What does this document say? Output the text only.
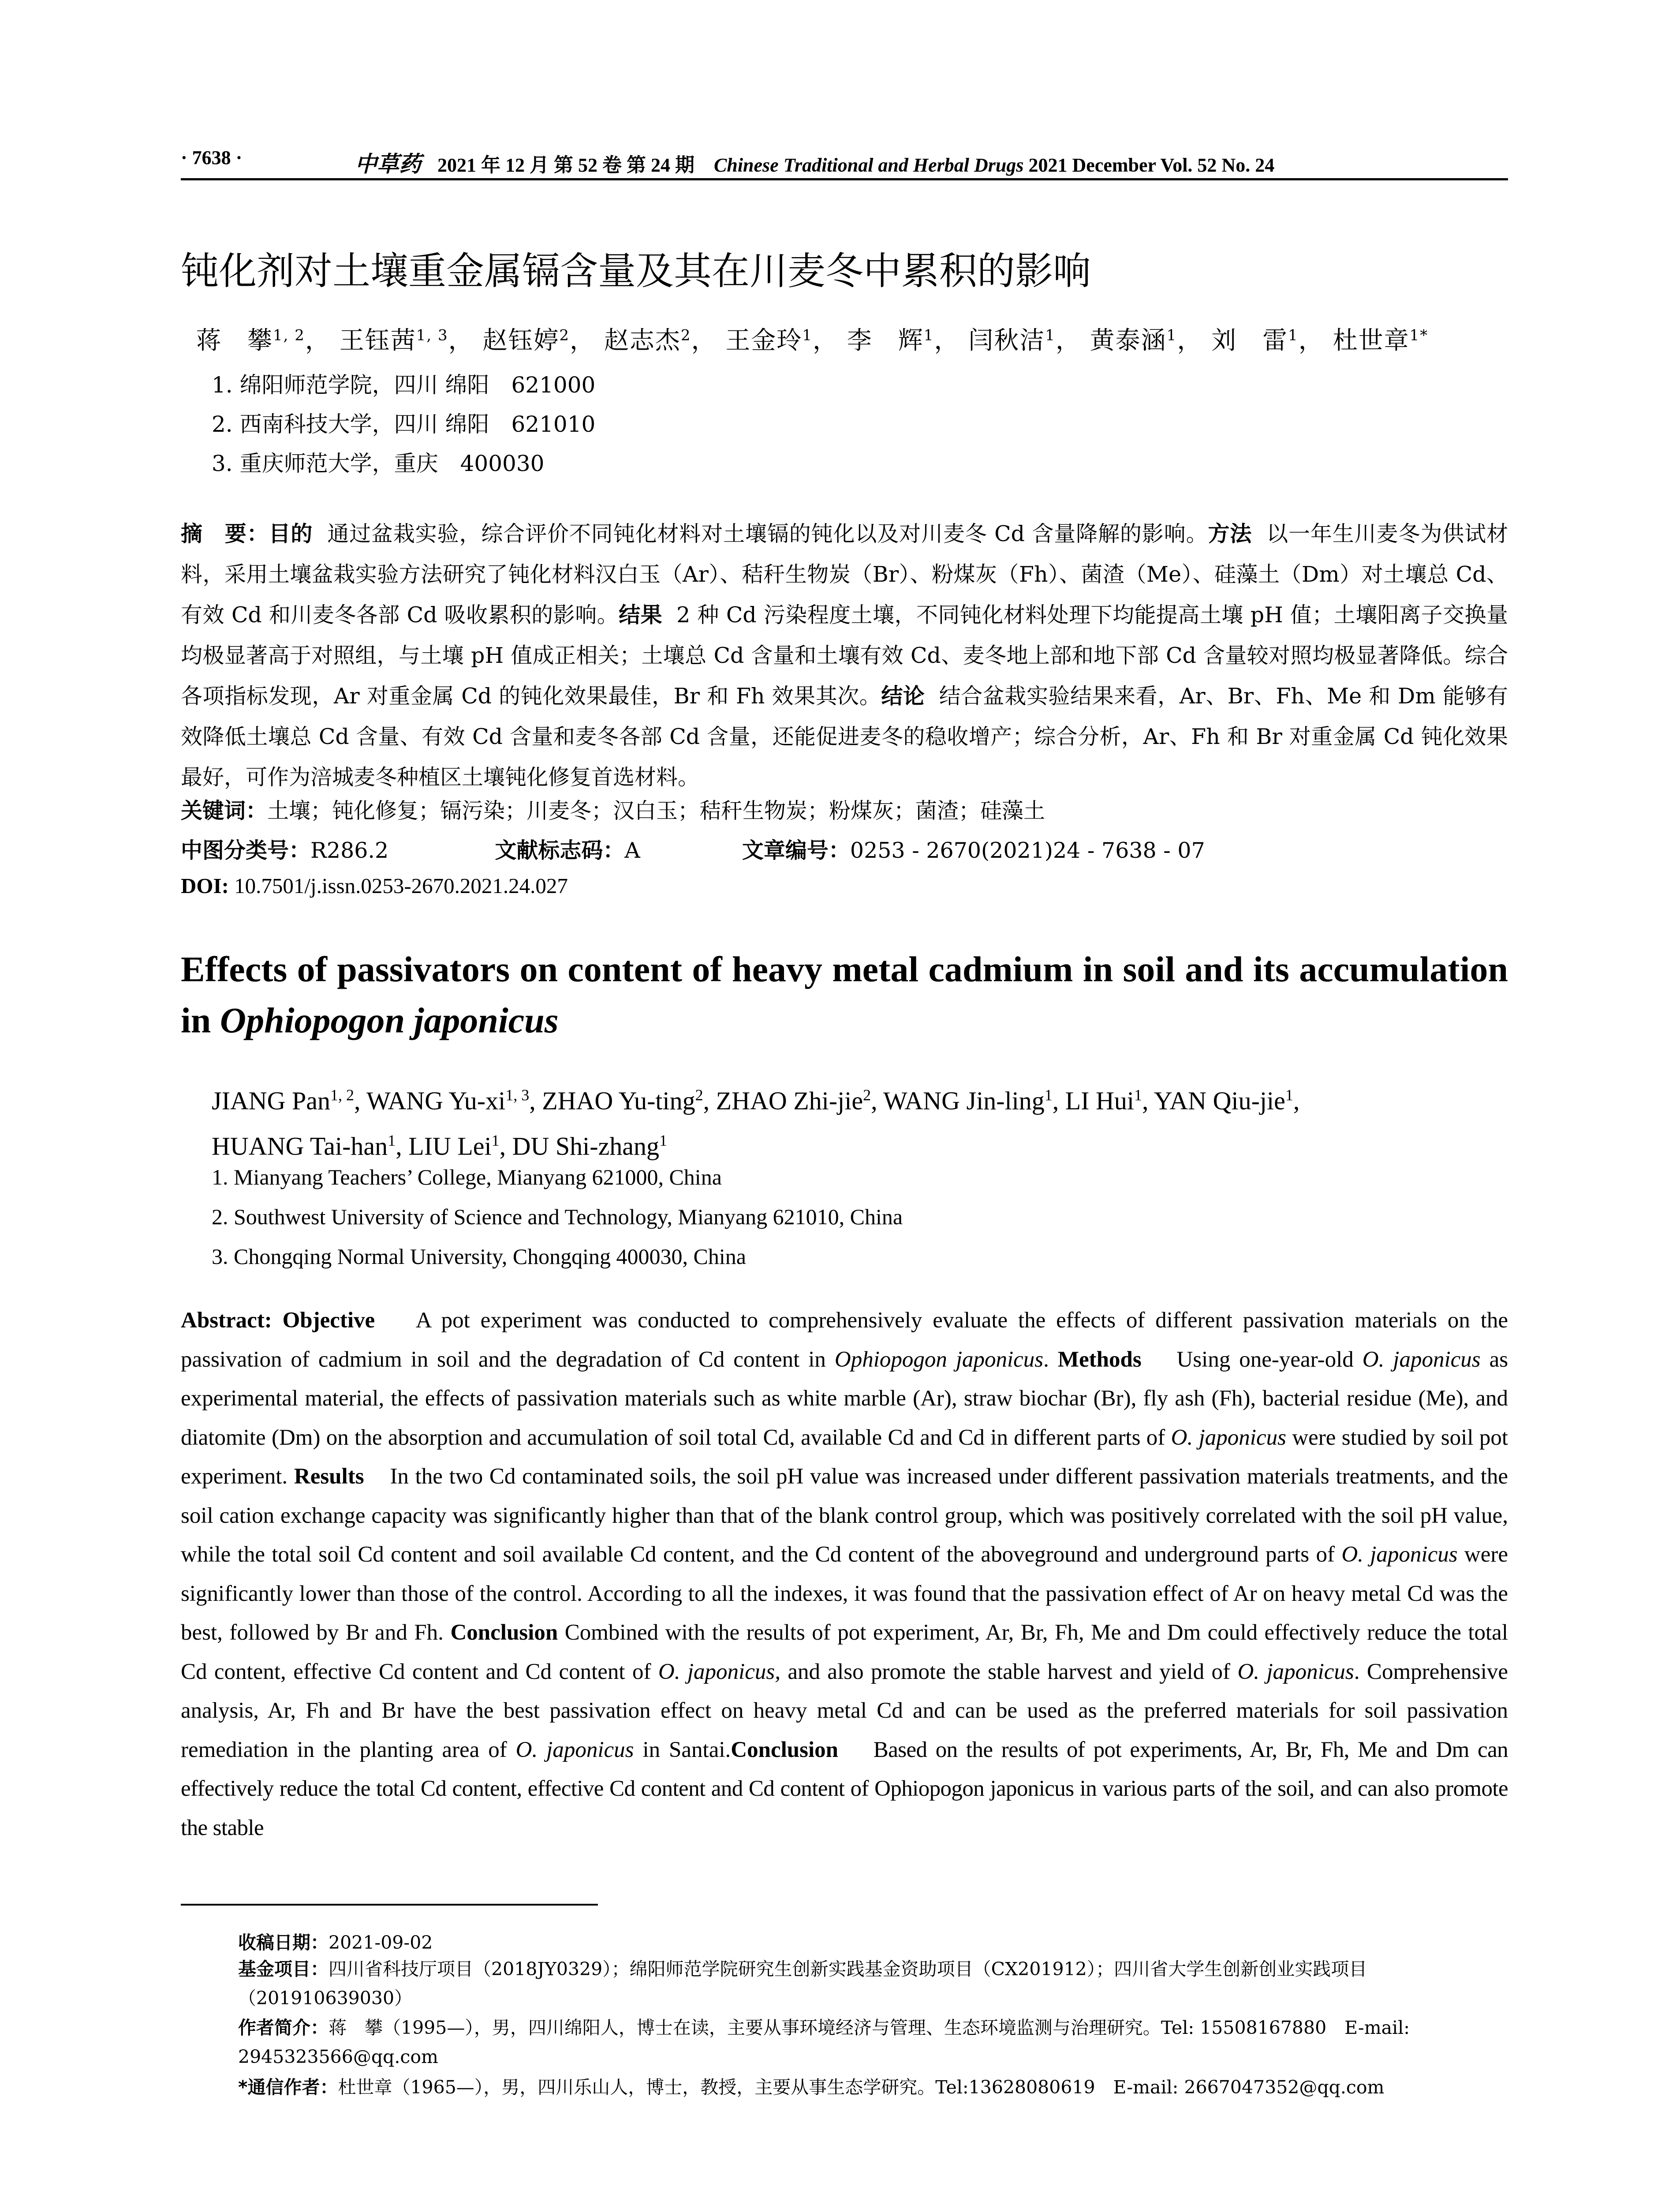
· 7638 ·	中草药 2021 年 12 月 第 52 卷 第 24 期 Chinese Traditional and Herbal Drugs 2021 December Vol. 52 No. 24
钝化剂对土壤重金属镉含量及其在川麦冬中累积的影响
蒋　攀$^{1, 2}$， 王钰茜$^{1, 3}$， 赵钰婷$^2$， 赵志杰$^2$， 王金玲$^1$， 李　辉$^1$， 闫秋洁$^1$， 黄泰涵$^1$， 刘　雷$^1$， 杜世章$^{1*}$
1. 绵阳师范学院，四川 绵阳　621000
2. 西南科技大学，四川 绵阳　621010
3. 重庆师范大学，重庆　400030
摘　要：目的 通过盆栽实验，综合评价不同钝化材料对土壤镉的钝化以及对川麦冬 Cd 含量降解的影响。方法 以一年生川麦冬为供试材料，采用土壤盆栽实验方法研究了钝化材料汉白玉（Ar）、秸秆生物炭（Br）、粉煤灰（Fh）、菌渣（Me）、硅藻土（Dm）对土壤总 Cd、有效 Cd 和川麦冬各部 Cd 吸收累积的影响。结果 2 种 Cd 污染程度土壤，不同钝化材料处理下均能提高土壤 pH 值；土壤阳离子交换量均极显著高于对照组，与土壤 pH 值成正相关；土壤总 Cd 含量和土壤有效 Cd、麦冬地上部和地下部 Cd 含量较对照均极显著降低。综合各项指标发现，Ar 对重金属 Cd 的钝化效果最佳，Br 和 Fh 效果其次。结论 结合盆栽实验结果来看，Ar、Br、Fh、Me 和 Dm 能够有效降低土壤总 Cd 含量、有效 Cd 含量和麦冬各部 Cd 含量，还能促进麦冬的稳收增产；综合分析，Ar、Fh 和 Br 对重金属 Cd 钝化效果最好，可作为涪城麦冬种植区土壤钝化修复首选材料。
关键词：土壤；钝化修复；镉污染；川麦冬；汉白玉；秸秆生物炭；粉煤灰；菌渣；硅藻土
中图分类号：R286.2	文献标志码：A	文章编号：0253 - 2670(2021)24 - 7638 - 07
DOI: 10.7501/j.issn.0253-2670.2021.24.027
Effects of passivators on content of heavy metal cadmium in soil and its accumulation in Ophiopogon japonicus
JIANG Pan$^{1, 2}$, WANG Yu-xi$^{1, 3}$, ZHAO Yu-ting$^2$, ZHAO Zhi-jie$^2$, WANG Jin-ling$^1$, LI Hui$^1$, YAN Qiu-jie$^1$,
HUANG Tai-han$^1$, LIU Lei$^1$, DU Shi-zhang$^1$
1. Mianyang Teachers’ College, Mianyang 621000, China
2. Southwest University of Science and Technology, Mianyang 621010, China
3. Chongqing Normal University, Chongqing 400030, China
Abstract: Objective A pot experiment was conducted to comprehensively evaluate the effects of different passivation materials on the passivation of cadmium in soil and the degradation of Cd content in Ophiopogon japonicus. Methods Using one-year-old O. japonicus as experimental material, the effects of passivation materials such as white marble (Ar), straw biochar (Br), fly ash (Fh), bacterial residue (Me), and diatomite (Dm) on the absorption and accumulation of soil total Cd, available Cd and Cd in different parts of O. japonicus were studied by soil pot experiment. Results In the two Cd contaminated soils, the soil pH value was increased under different passivation materials treatments, and the soil cation exchange capacity was significantly higher than that of the blank control group, which was positively correlated with the soil pH value, while the total soil Cd content and soil available Cd content, and the Cd content of the aboveground and underground parts of O. japonicus were significantly lower than those of the control. According to all the indexes, it was found that the passivation effect of Ar on heavy metal Cd was the best, followed by Br and Fh. Conclusion Combined with the results of pot experiment, Ar, Br, Fh, Me and Dm could effectively reduce the total Cd content, effective Cd content and Cd content of O. japonicus, and also promote the stable harvest and yield of O. japonicus. Comprehensive analysis, Ar, Fh and Br have the best passivation effect on heavy metal Cd and can be used as the preferred materials for soil passivation remediation in the planting area of O. japonicus in Santai.Conclusion Based on the results of pot experiments, Ar, Br, Fh, Me and Dm can effectively reduce the total Cd content, effective Cd content and Cd content of Ophiopogon japonicus in various parts of the soil, and can also promote the stable
收稿日期：2021-09-02
基金项目：四川省科技厅项目（2018JY0329）；绵阳师范学院研究生创新实践基金资助项目（CX201912）；四川省大学生创新创业实践项目（201910639030）
作者简介：蒋　攀（1995—），男，四川绵阳人，博士在读，主要从事环境经济与管理、生态环境监测与治理研究。Tel: 15508167880　E-mail: 2945323566@qq.com
*通信作者：杜世章（1965—），男，四川乐山人，博士，教授，主要从事生态学研究。Tel:13628080619　E-mail: 2667047352@qq.com
